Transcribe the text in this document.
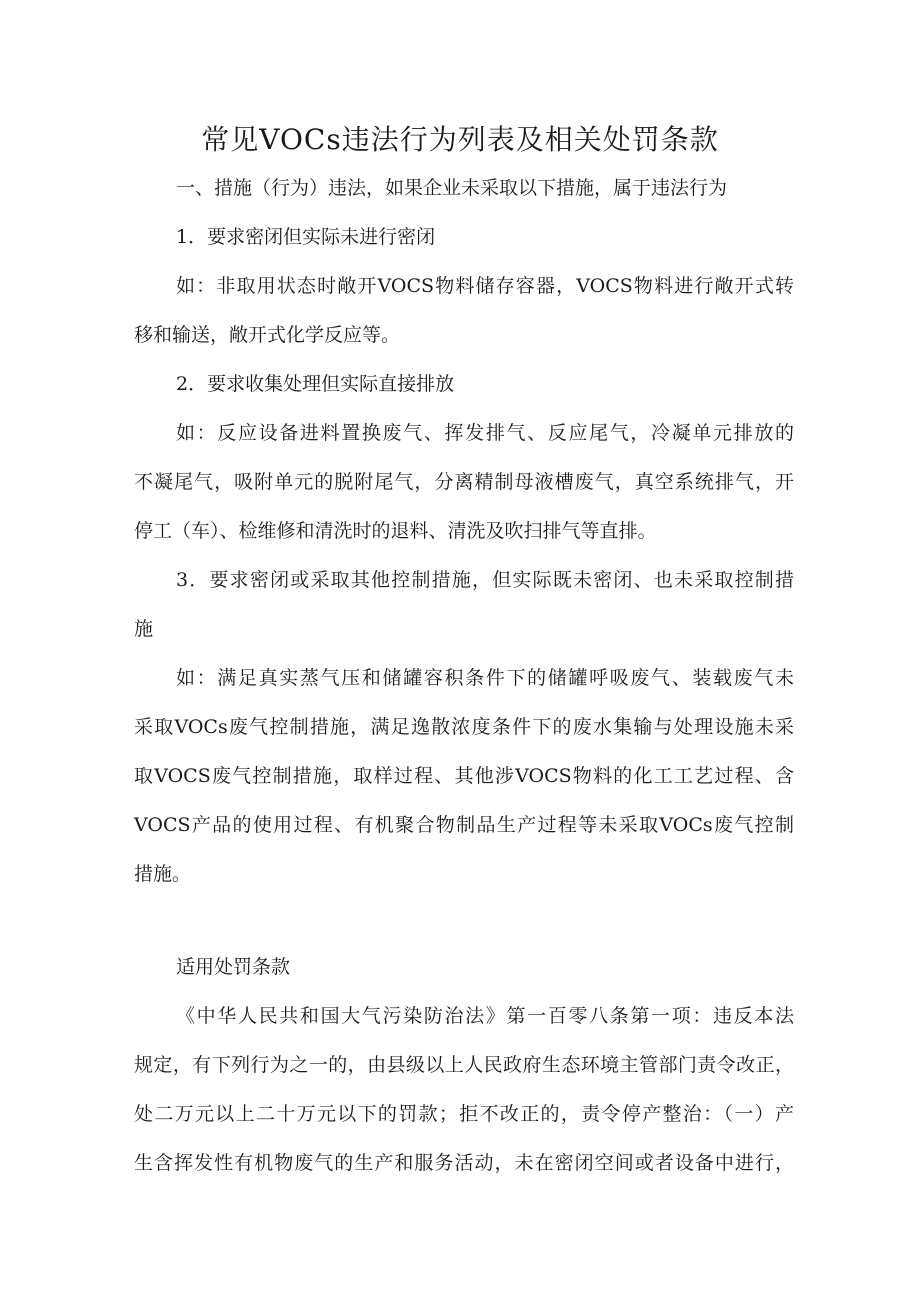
常见VOCs违法行为列表及相关处罚条款
一、措施（行为）违法，如果企业未采取以下措施，属于违法行为
1．要求密闭但实际未进行密闭
如：非取用状态时敞开VOCS物料储存容器，VOCS物料进行敞开式转
移和输送，敞开式化学反应等。
2．要求收集处理但实际直接排放
如：反应设备进料置换废气、挥发排气、反应尾气，冷凝单元排放的
不凝尾气，吸附单元的脱附尾气，分离精制母液槽废气，真空系统排气，开
停工（车）、检维修和清洗时的退料、清洗及吹扫排气等直排。
3．要求密闭或采取其他控制措施，但实际既未密闭、也未采取控制措
施
如：满足真实蒸气压和储罐容积条件下的储罐呼吸废气、装载废气未
采取VOCs废气控制措施，满足逸散浓度条件下的废水集输与处理设施未采
取VOCS废气控制措施，取样过程、其他涉VOCS物料的化工工艺过程、含
VOCS产品的使用过程、有机聚合物制品生产过程等未采取VOCs废气控制
措施。
适用处罚条款
《中华人民共和国大气污染防治法》第一百零八条第一项：违反本法
规定，有下列行为之一的，由县级以上人民政府生态环境主管部门责令改正，
处二万元以上二十万元以下的罚款；拒不改正的，责令停产整治：（一）产
生含挥发性有机物废气的生产和服务活动，未在密闭空间或者设备中进行，
